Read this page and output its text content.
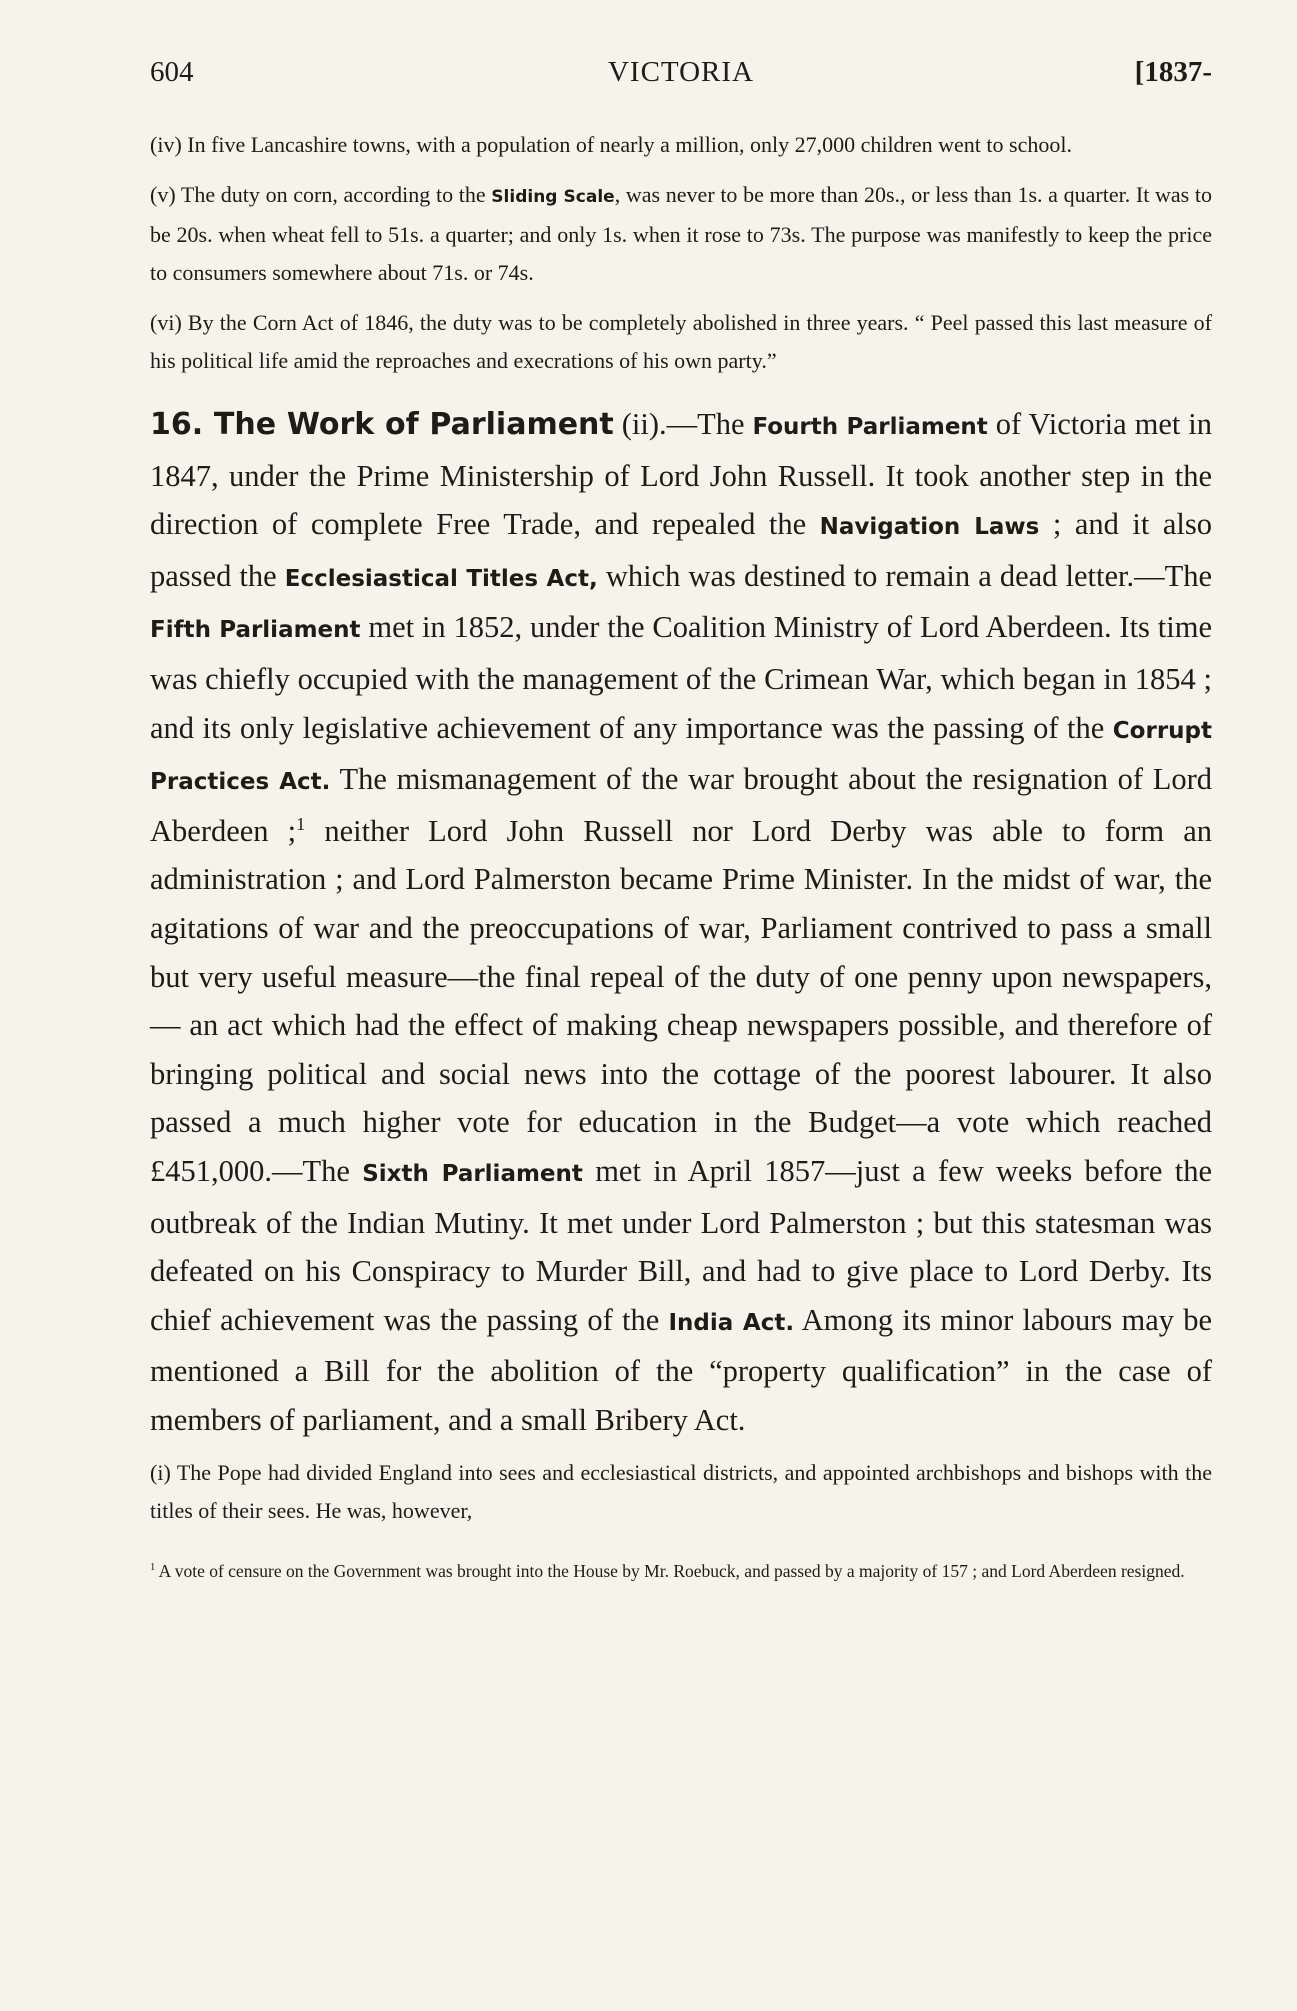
604	VICTORIA	[1837-

(iv) In five Lancashire towns, with a population of nearly a million, only 27,000 children went to school.

(v) The duty on corn, according to the Sliding Scale, was never to be more than 20s., or less than 1s. a quarter. It was to be 20s. when wheat fell to 51s. a quarter; and only 1s. when it rose to 73s. The purpose was manifestly to keep the price to consumers somewhere about 71s. or 74s.

(vi) By the Corn Act of 1846, the duty was to be completely abolished in three years. “ Peel passed this last measure of his political life amid the reproaches and execrations of his own party.”

16. The Work of Parliament (ii).—The Fourth Parliament of Victoria met in 1847, under the Prime Ministership of Lord John Russell. It took another step in the direction of complete Free Trade, and repealed the Navigation Laws ; and it also passed the Ecclesiastical Titles Act, which was destined to remain a dead letter.—The Fifth Parliament met in 1852, under the Coalition Ministry of Lord Aberdeen. Its time was chiefly occupied with the management of the Crimean War, which began in 1854 ; and its only legislative achievement of any importance was the passing of the Corrupt Practices Act. The mismanagement of the war brought about the resignation of Lord Aberdeen ;$^1$ neither Lord John Russell nor Lord Derby was able to form an administration ; and Lord Palmerston became Prime Minister. In the midst of war, the agitations of war and the preoccupations of war, Parliament contrived to pass a small but very useful measure—the final repeal of the duty of one penny upon newspapers,— an act which had the effect of making cheap newspapers possible, and therefore of bringing political and social news into the cottage of the poorest labourer. It also passed a much higher vote for education in the Budget—a vote which reached £451,000.—The Sixth Parliament met in April 1857—just a few weeks before the outbreak of the Indian Mutiny. It met under Lord Palmerston ; but this statesman was defeated on his Conspiracy to Murder Bill, and had to give place to Lord Derby. Its chief achievement was the passing of the India Act. Among its minor labours may be mentioned a Bill for the abolition of the “property qualification” in the case of members of parliament, and a small Bribery Act.

(i) The Pope had divided England into sees and ecclesiastical districts, and appointed archbishops and bishops with the titles of their sees. He was, however,

$^1$ A vote of censure on the Government was brought into the House by Mr. Roebuck, and passed by a majority of 157 ; and Lord Aberdeen resigned.
